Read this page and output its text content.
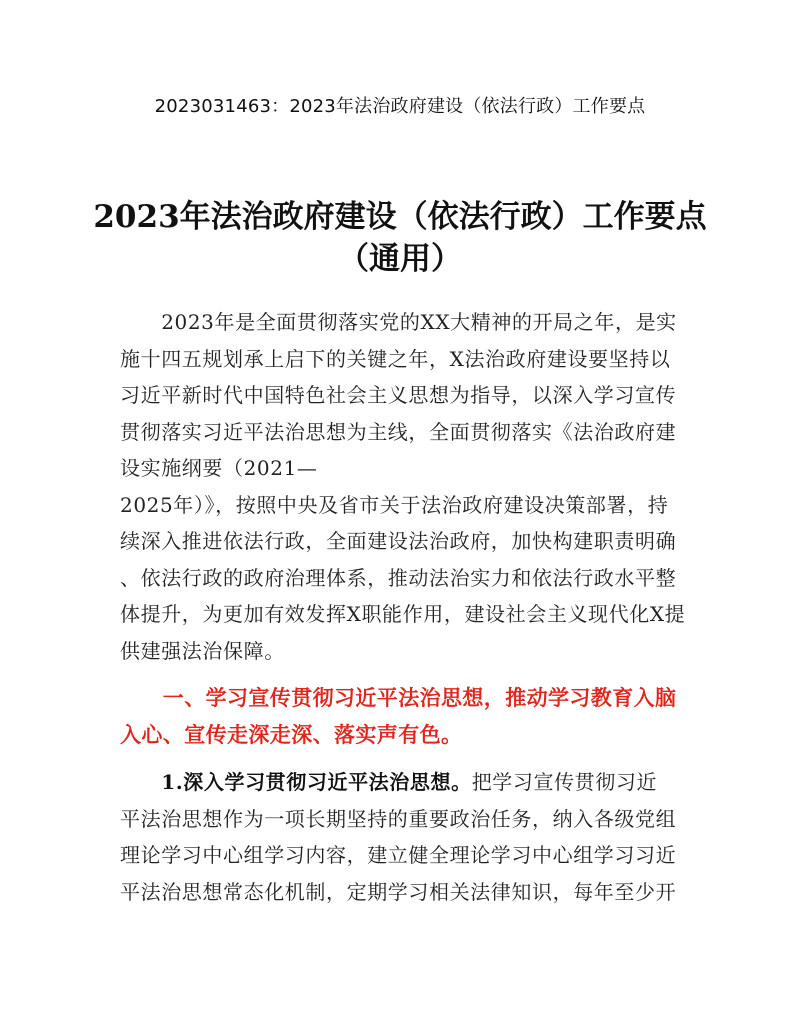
2023031463：2023年法治政府建设（依法行政）工作要点
2023年法治政府建设（依法行政）工作要点
（通用）
　　2023年是全面贯彻落实党的XX大精神的开局之年，是实
施十四五规划承上启下的关键之年，X法治政府建设要坚持以
习近平新时代中国特色社会主义思想为指导，以深入学习宣传
贯彻落实习近平法治思想为主线，全面贯彻落实《法治政府建
设实施纲要（2021—
2025年）》，按照中央及省市关于法治政府建设决策部署，持
续深入推进依法行政，全面建设法治政府，加快构建职责明确
、依法行政的政府治理体系，推动法治实力和依法行政水平整
体提升，为更加有效发挥X职能作用，建设社会主义现代化X提
供建强法治保障。
　　一、学习宣传贯彻习近平法治思想，推动学习教育入脑
入心、宣传走深走深、落实声有色。
　　1.深入学习贯彻习近平法治思想。把学习宣传贯彻习近
平法治思想作为一项长期坚持的重要政治任务，纳入各级党组
理论学习中心组学习内容，建立健全理论学习中心组学习习近
平法治思想常态化机制，定期学习相关法律知识，每年至少开
